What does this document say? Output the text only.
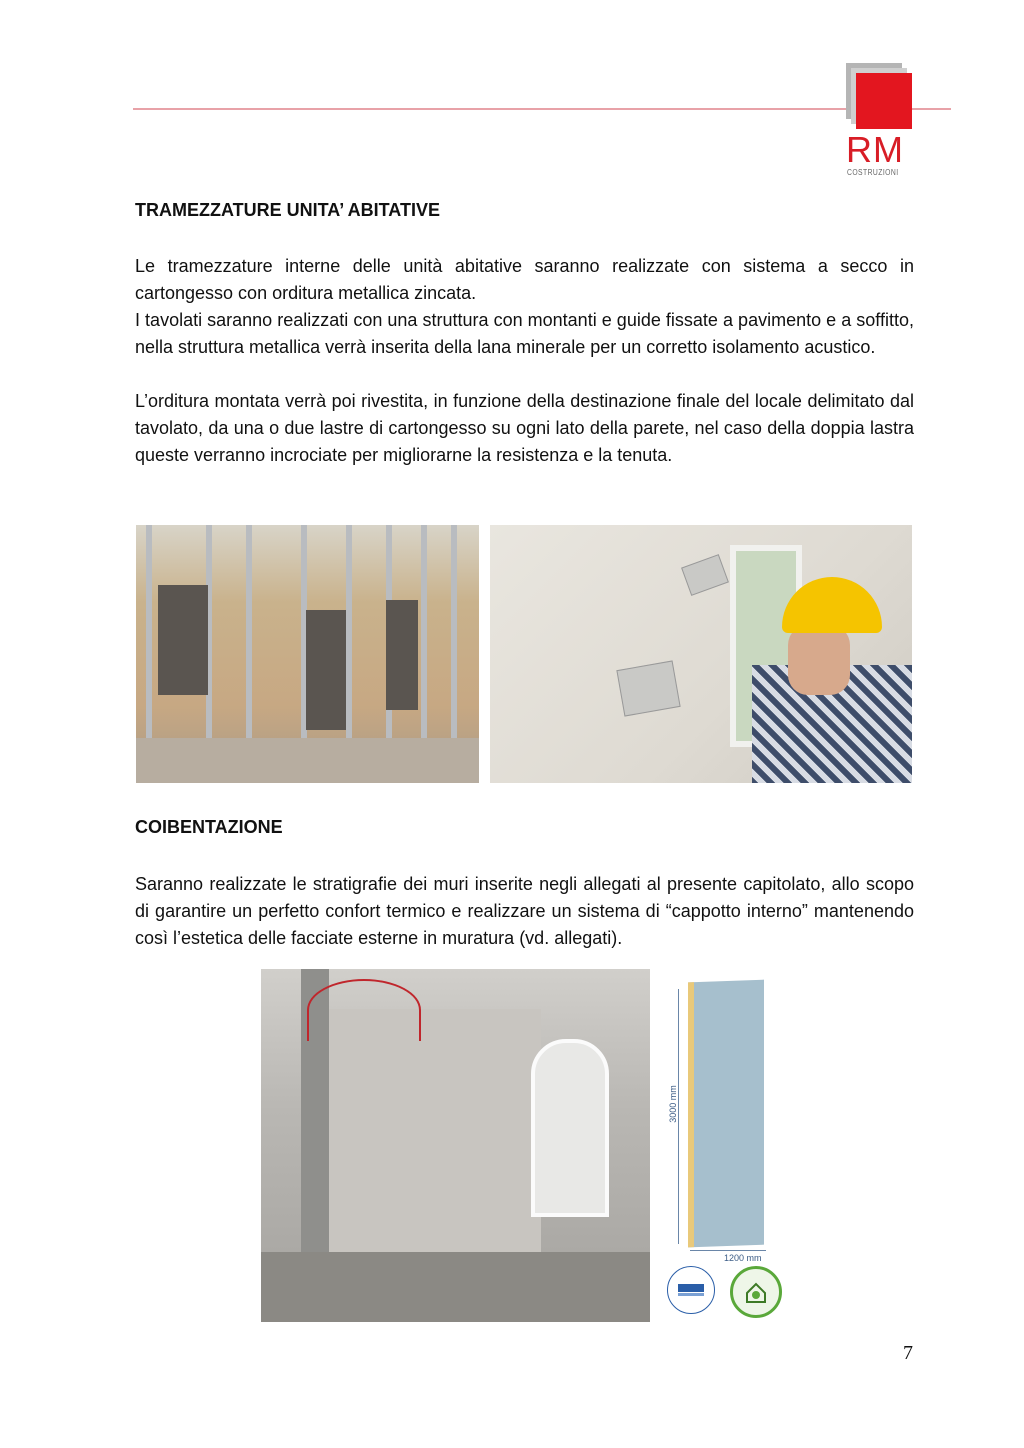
RM
COSTRUZIONI
TRAMEZZATURE UNITA’ ABITATIVE

Le tramezzature interne delle unità abitative saranno realizzate con sistema a secco in cartongesso con orditura metallica zincata.

I tavolati saranno realizzati con una struttura con montanti e guide fissate a pavimento e a soffitto, nella struttura metallica verrà inserita della lana minerale per un corretto isolamento acustico.

L’orditura montata verrà poi rivestita, in funzione della destinazione finale del locale delimitato dal tavolato, da una o due lastre di cartongesso su ogni lato della parete, nel caso della doppia lastra queste verranno incrociate per migliorarne la resistenza e la tenuta.

COIBENTAZIONE

Saranno realizzate le stratigrafie dei muri inserite negli allegati al presente capitolato, allo scopo di garantire un perfetto confort termico e realizzare un sistema di “cappotto interno” mantenendo così l’estetica delle facciate esterne in muratura (vd. allegati).

3000 mm
1200 mm
7
